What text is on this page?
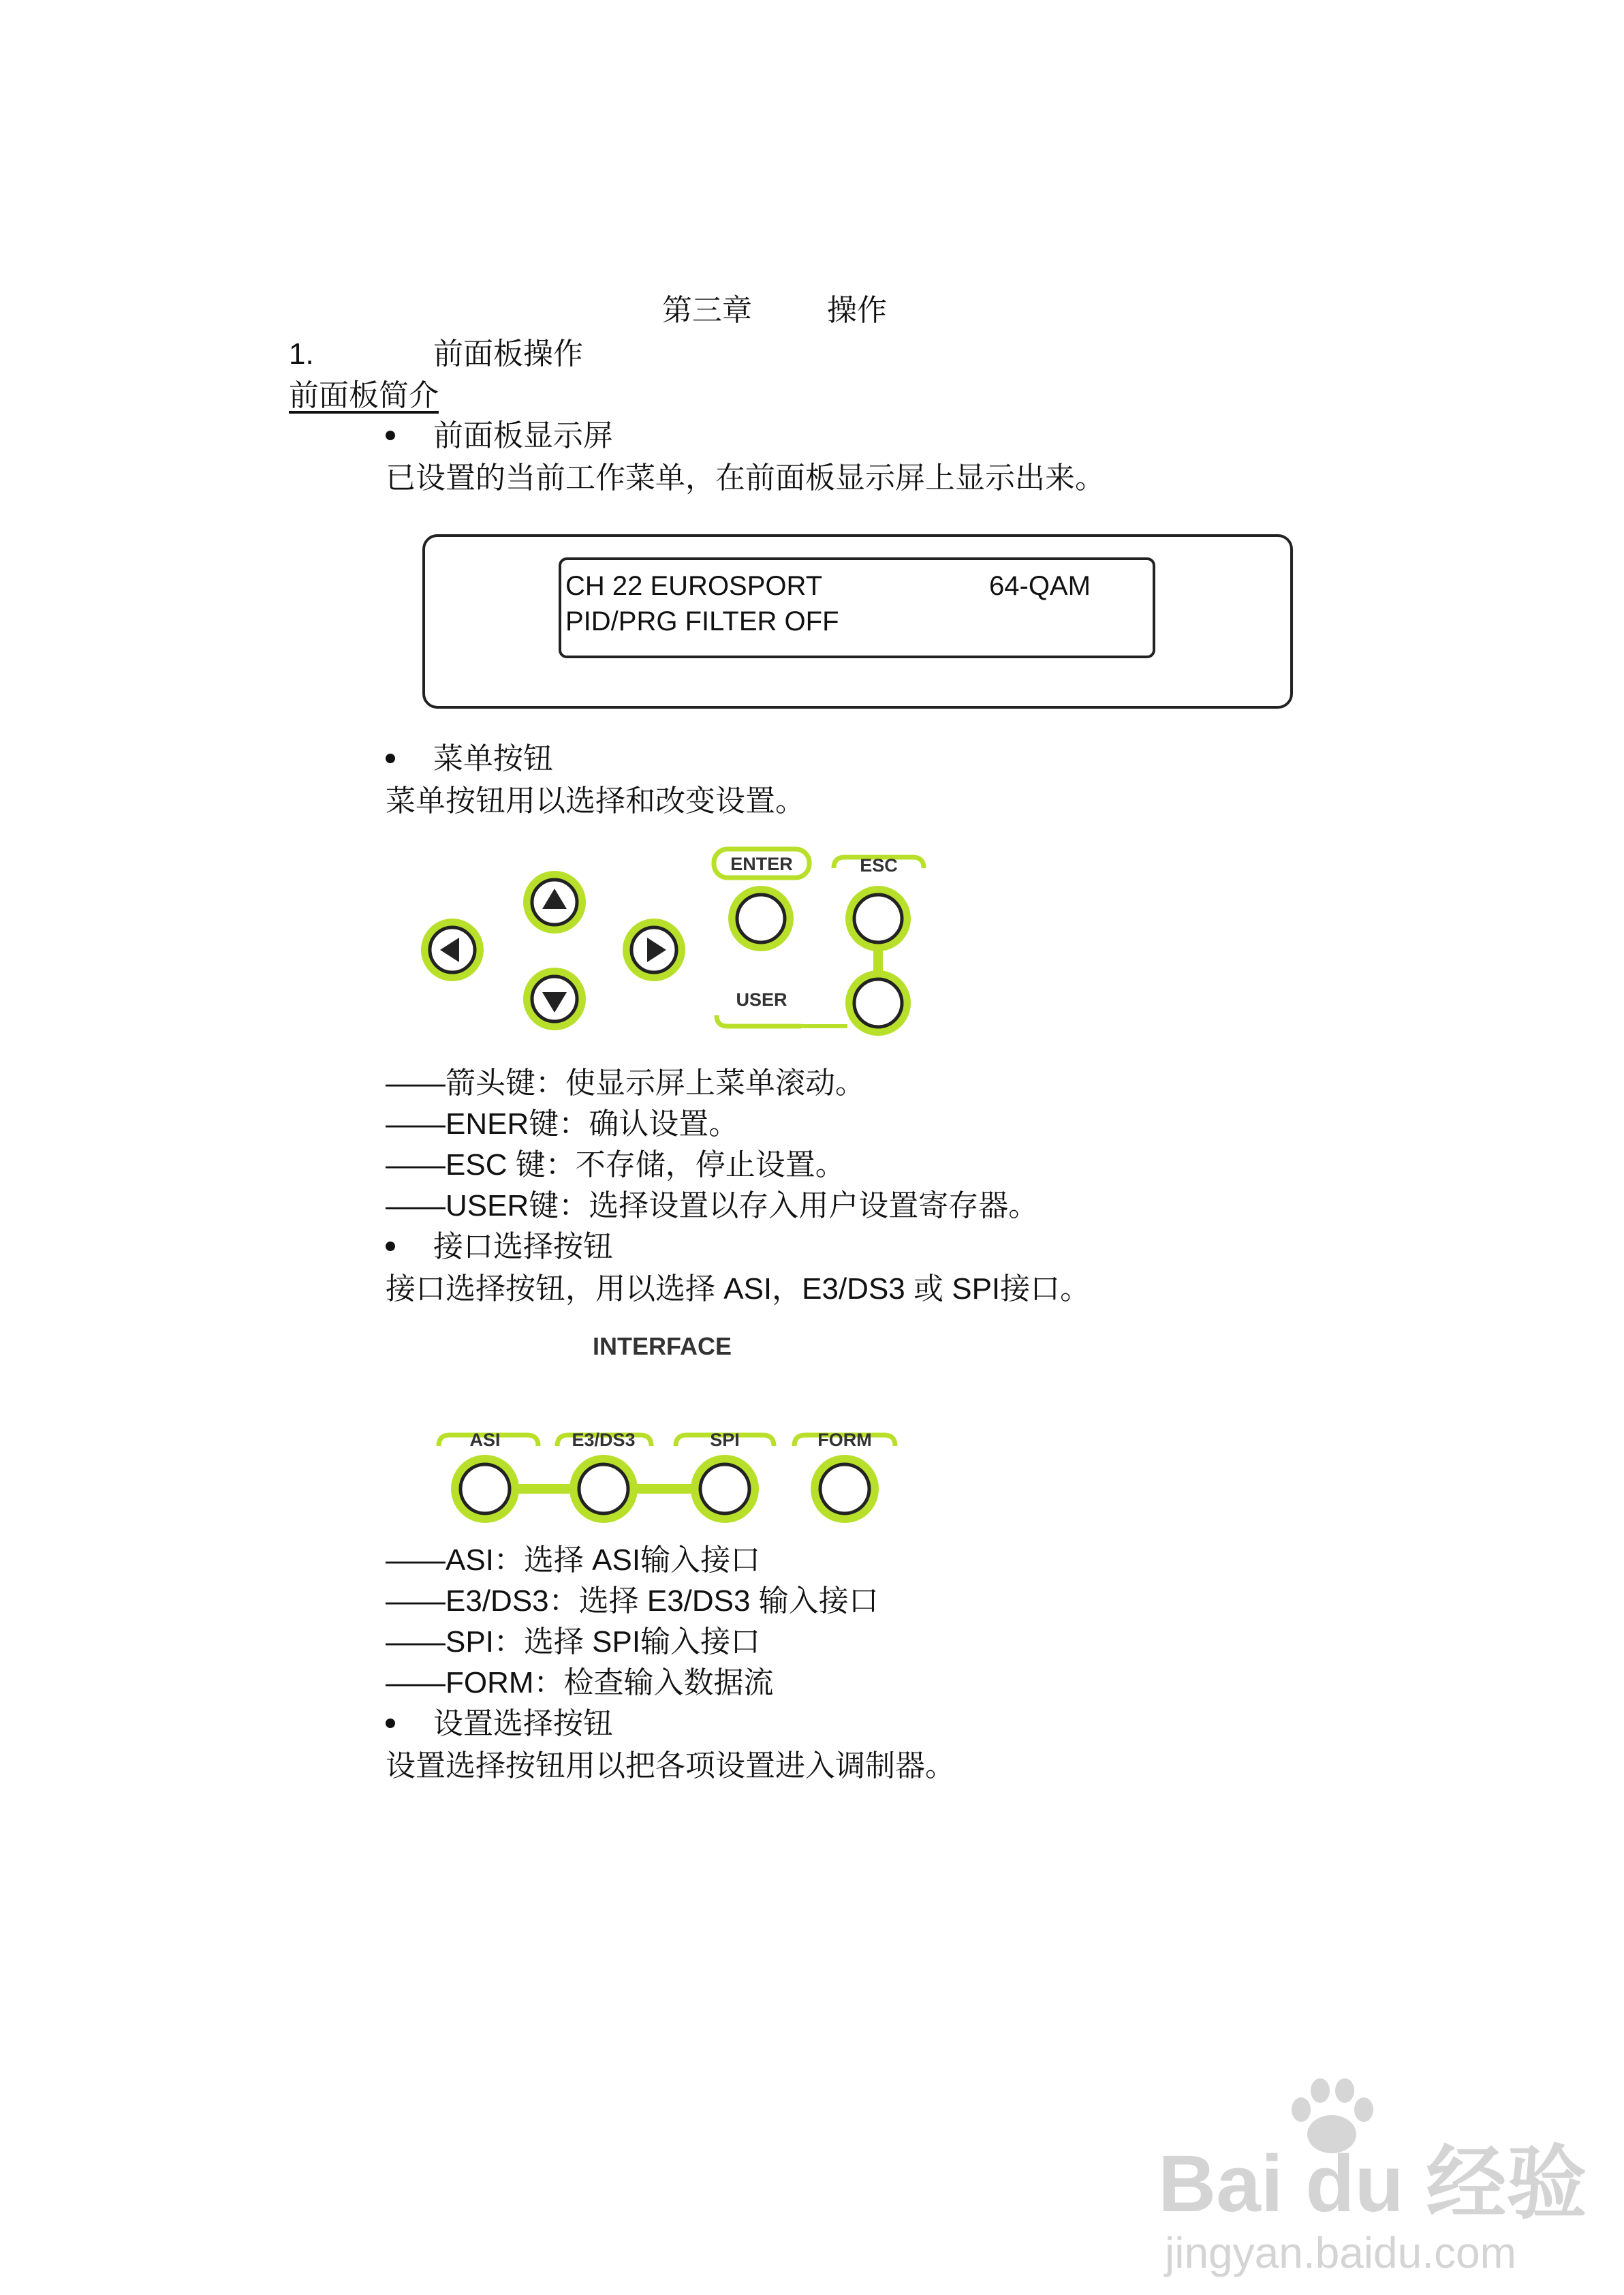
第三章	操作
1.	前面板操作
前面板简介
前面板显示屏
已设置的当前工作菜单，在前面板显示屏上显示出来。
CH 22 EUROSPORT	64-QAM
PID/PRG FILTER OFF
菜单按钮
菜单按钮用以选择和改变设置。
ENTER	ESC
USER
——箭头键：使显示屏上菜单滚动。
——ENER键：确认设置。
——ESC 键：不存储，停止设置。
——USER键：选择设置以存入用户设置寄存器。
接口选择按钮
接口选择按钮，用以选择 ASI，E3/DS3 或 SPI接口。
INTERFACE
ASI	E3/DS3	SPI	FORM
——ASI：选择 ASI输入接口
——E3/DS3：选择 E3/DS3 输入接口
——SPI：选择 SPI输入接口
——FORM：检查输入数据流
设置选择按钮
设置选择按钮用以把各项设置进入调制器。
Bai du 经验
jingyan.baidu.com
